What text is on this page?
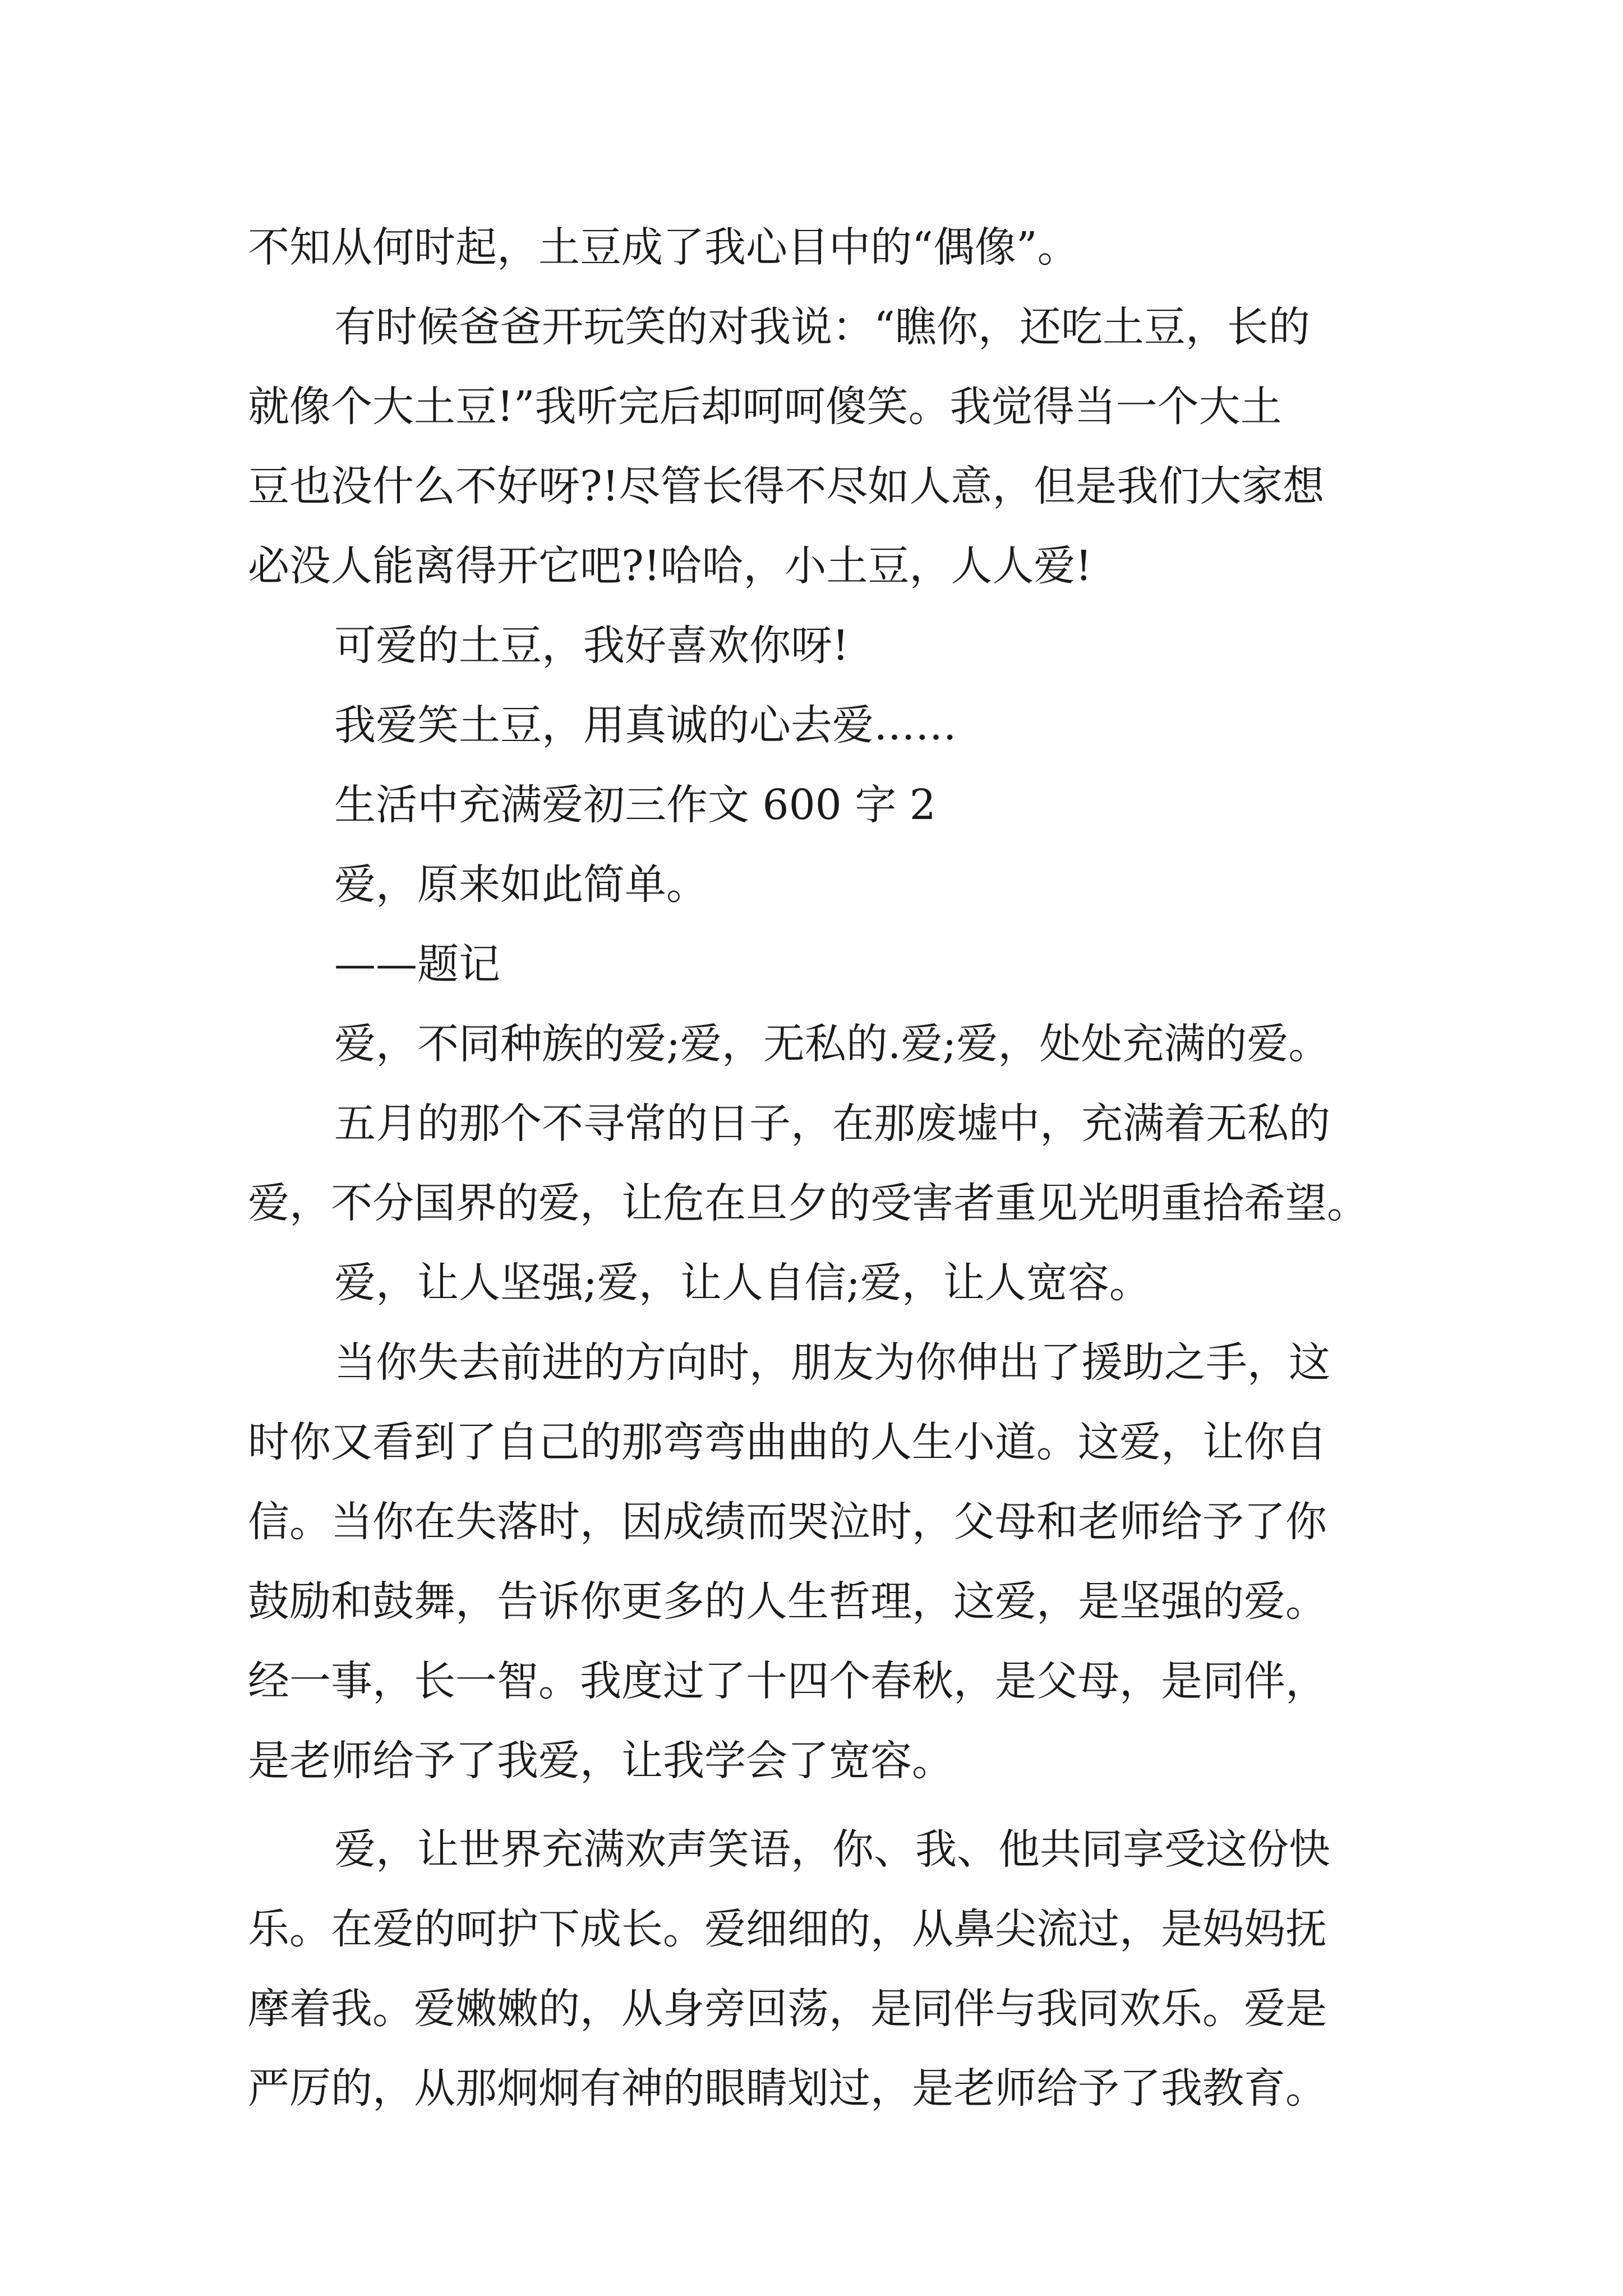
不知从何时起，土豆成了我心目中的“偶像”。
有时候爸爸开玩笑的对我说：“瞧你，还吃土豆，长的
就像个大土豆!”我听完后却呵呵傻笑。我觉得当一个大土
豆也没什么不好呀?!尽管长得不尽如人意，但是我们大家想
必没人能离得开它吧?!哈哈，小土豆，人人爱!
可爱的土豆，我好喜欢你呀!
我爱笑土豆，用真诚的心去爱……
生活中充满爱初三作文 600 字 2
爱，原来如此简单。
——题记
爱，不同种族的爱;爱，无私的.爱;爱，处处充满的爱。
五月的那个不寻常的日子，在那废墟中，充满着无私的
爱，不分国界的爱，让危在旦夕的受害者重见光明重拾希望。
爱，让人坚强;爱，让人自信;爱，让人宽容。
当你失去前进的方向时，朋友为你伸出了援助之手，这
时你又看到了自己的那弯弯曲曲的人生小道。这爱，让你自
信。当你在失落时，因成绩而哭泣时，父母和老师给予了你
鼓励和鼓舞，告诉你更多的人生哲理，这爱，是坚强的爱。
经一事，长一智。我度过了十四个春秋，是父母，是同伴，
是老师给予了我爱，让我学会了宽容。
爱，让世界充满欢声笑语，你、我、他共同享受这份快
乐。在爱的呵护下成长。爱细细的，从鼻尖流过，是妈妈抚
摩着我。爱嫩嫩的，从身旁回荡，是同伴与我同欢乐。爱是
严厉的，从那炯炯有神的眼睛划过，是老师给予了我教育。
